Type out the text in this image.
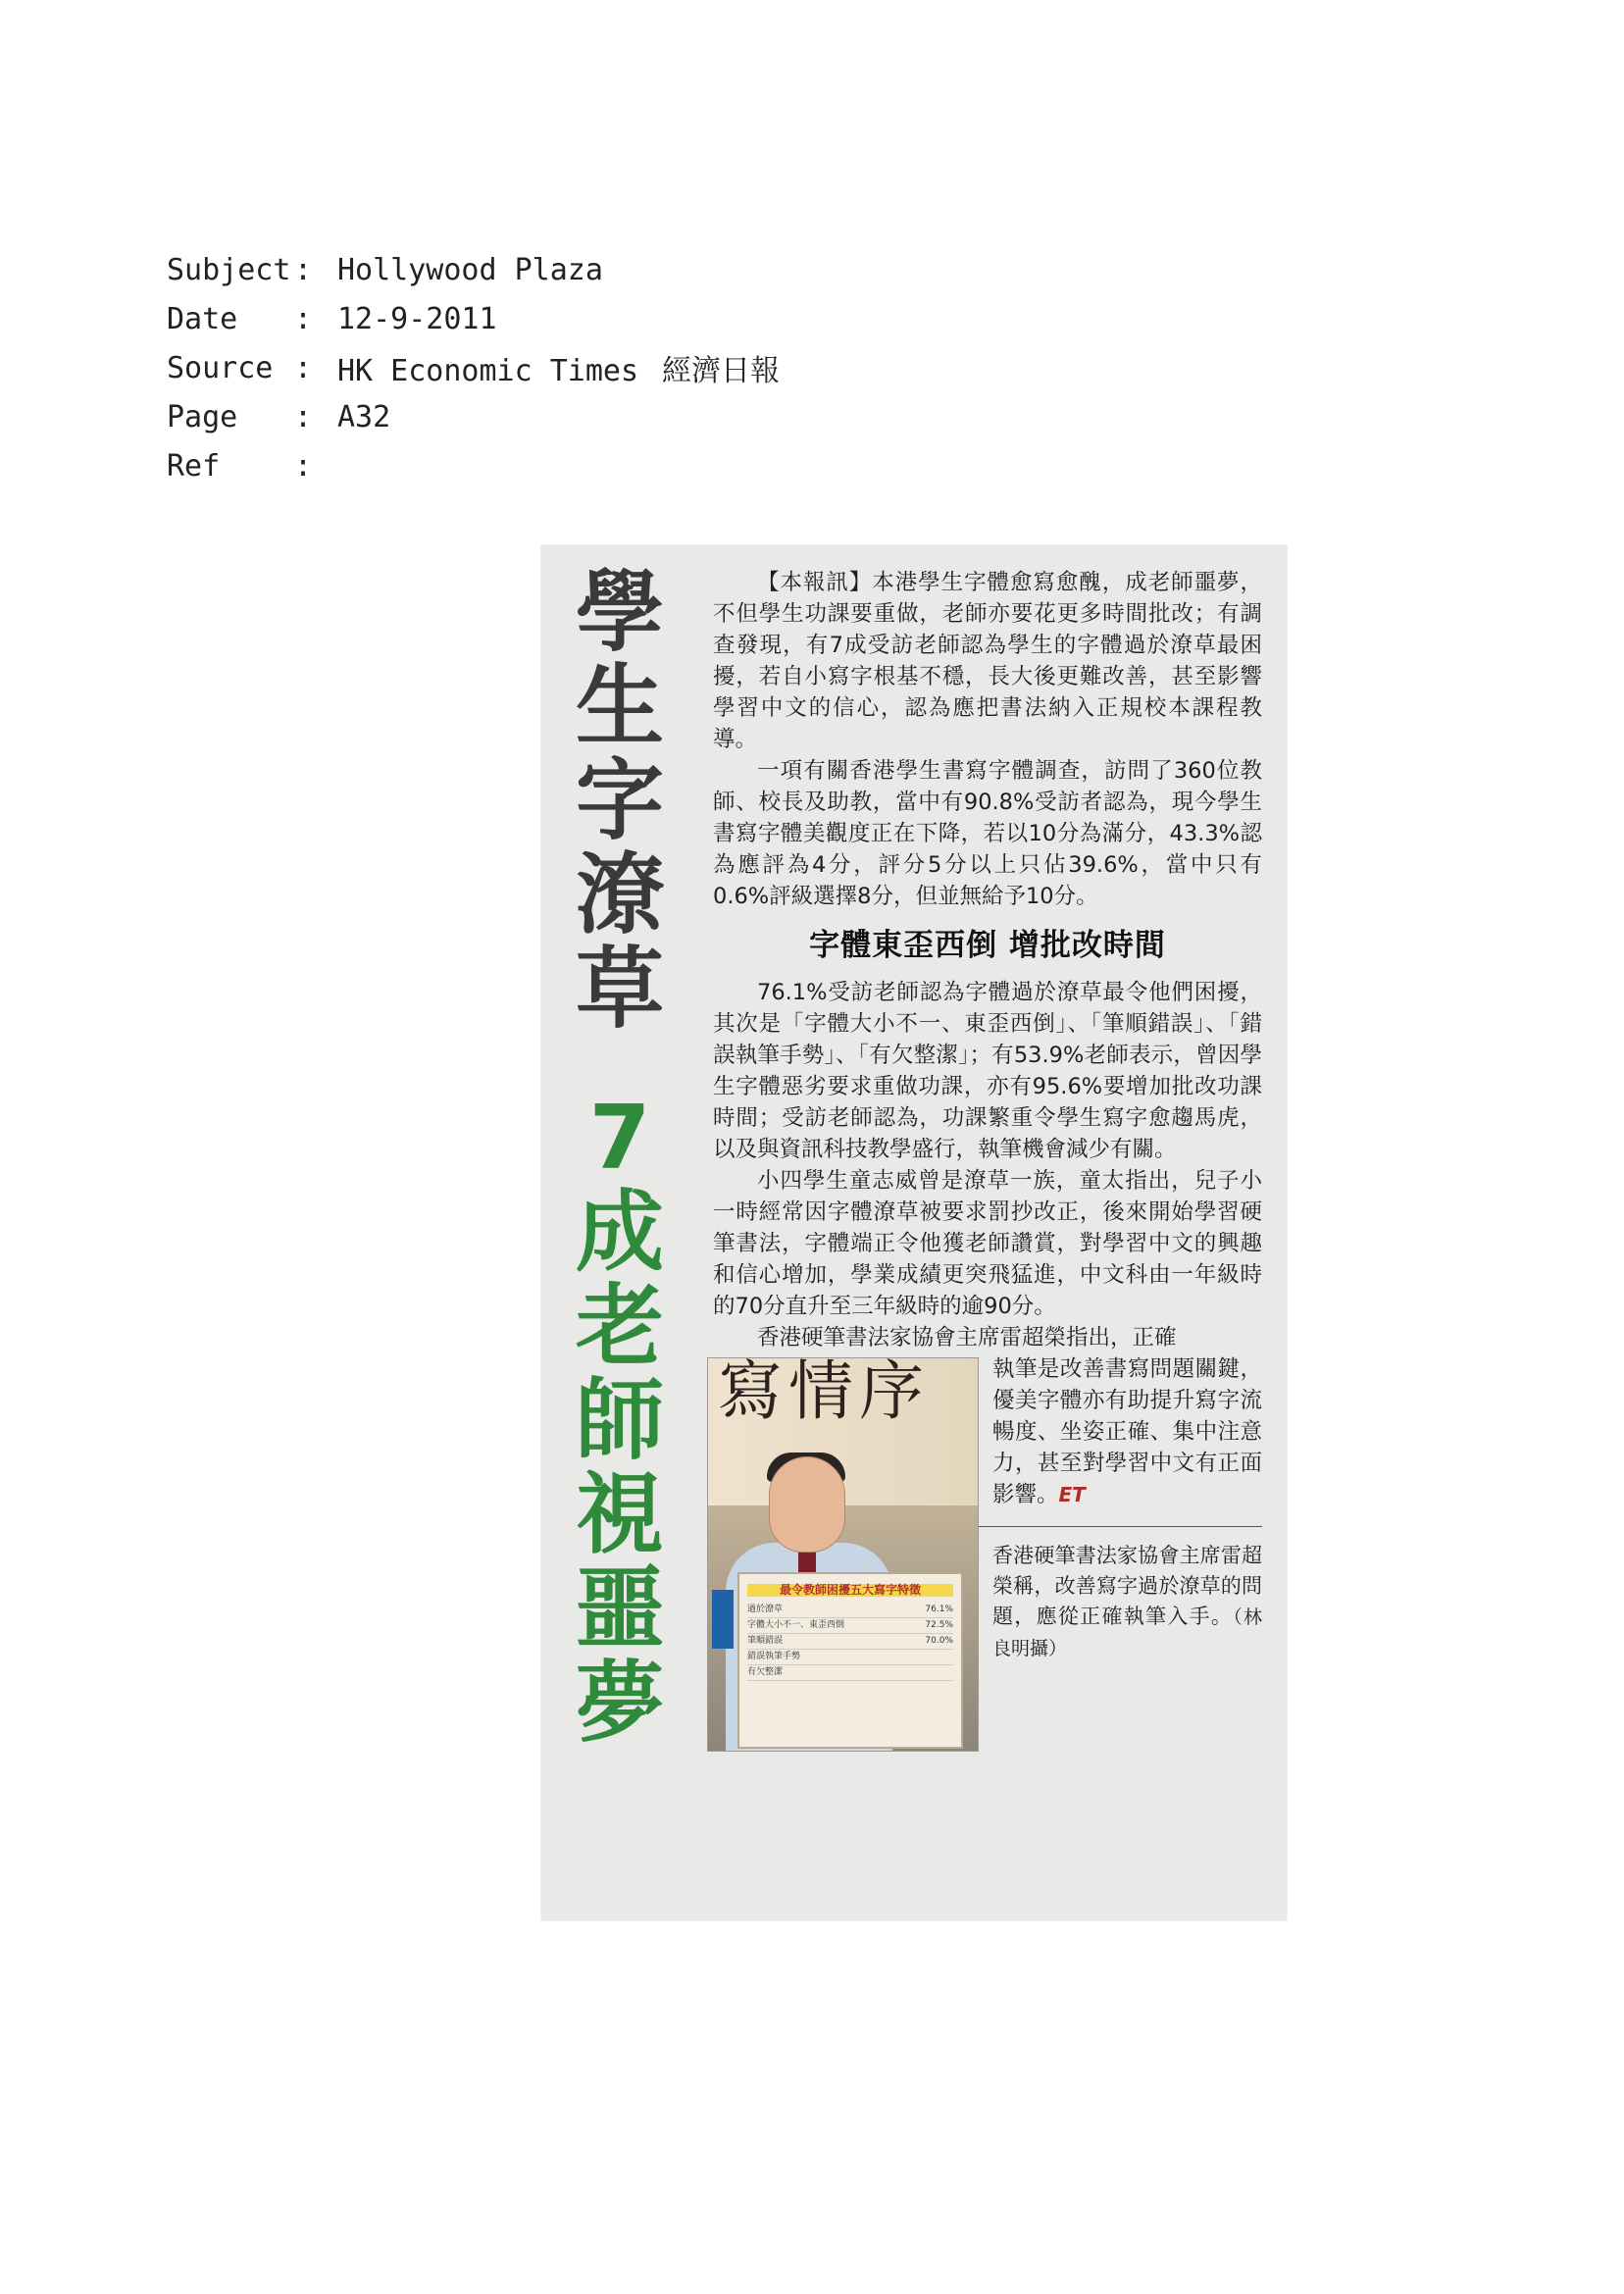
Subject : Hollywood Plaza
Date	: 12-9-2011
Source : HK Economic Times 經濟日報
Page	: A32
Ref	:
學
生
字
潦
草
7
成
老
師
視
噩
夢

【本報訊】本港學生字體愈寫愈醜，成老師噩夢，不但學生功課要重做，老師亦要花更多時間批改；有調查發現，有7成受訪老師認為學生的字體過於潦草最困擾，若自小寫字根基不穩，長大後更難改善，甚至影響學習中文的信心，認為應把書法納入正規校本課程教導。

一項有關香港學生書寫字體調查，訪問了360位教師、校長及助教，當中有90.8%受訪者認為，現今學生書寫字體美觀度正在下降，若以10分為滿分，43.3%認為應評為4分，評分5分以上只佔39.6%，當中只有0.6%評級選擇8分，但並無給予10分。

字體東歪西倒 增批改時間

76.1%受訪老師認為字體過於潦草最令他們困擾，其次是「字體大小不一、東歪西倒」、「筆順錯誤」、「錯誤執筆手勢」、「有欠整潔」；有53.9%老師表示，曾因學生字體惡劣要求重做功課，亦有95.6%要增加批改功課時間；受訪老師認為，功課繁重令學生寫字愈趨馬虎，以及與資訊科技教學盛行，執筆機會減少有關。

小四學生童志威曾是潦草一族，童太指出，兒子小一時經常因字體潦草被要求罰抄改正，後來開始學習硬筆書法，字體端正令他獲老師讚賞，對學習中文的興趣和信心增加，學業成績更突飛猛進，中文科由一年級時的70分直升至三年級時的逾90分。

香港硬筆書法家協會主席雷超榮指出，正確

寫情序
最令教師困擾五大寫字特徵
過於潦草	76.1%
字體大小不一、東歪西倒	72.5%
筆順錯誤	70.0%
錯誤執筆手勢
有欠整潔

執筆是改善書寫問題關鍵，優美字體亦有助提升寫字流暢度、坐姿正確、集中注意力，甚至對學習中文有正面影響。ET

香港硬筆書法家協會主席雷超榮稱，改善寫字過於潦草的問題，應從正確執筆入手。（林良明攝）
